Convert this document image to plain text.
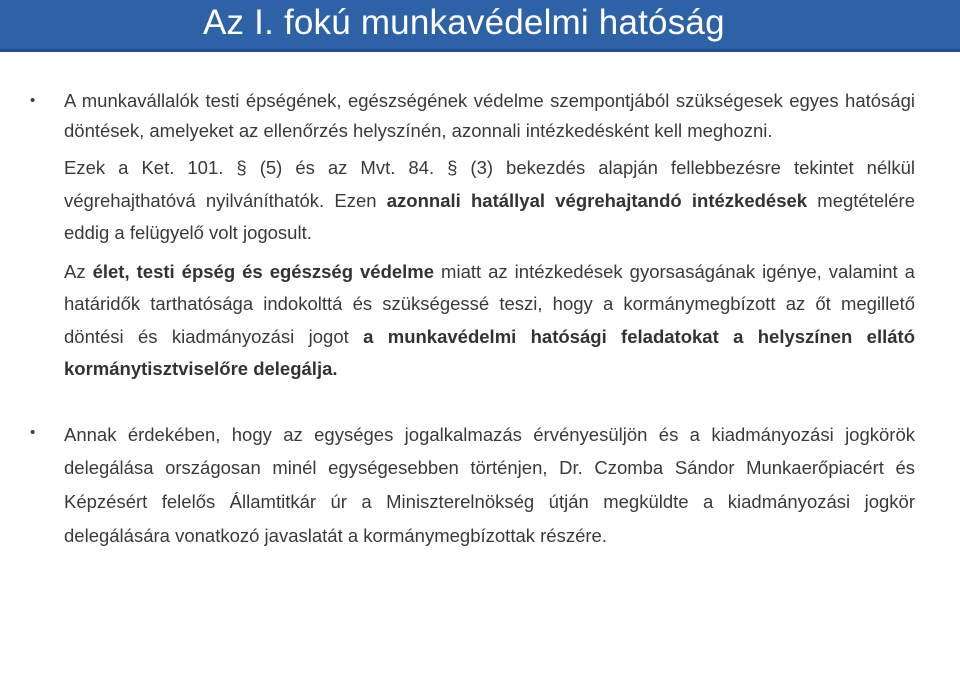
Az I. fokú munkavédelmi hatóság
• A munkavállalók testi épségének, egészségének védelme szempontjából szükségesek egyes hatósági döntések, amelyeket az ellenőrzés helyszínén, azonnali intézkedésként kell meghozni.

Ezek a Ket. 101. § (5) és az Mvt. 84. § (3) bekezdés alapján fellebbezésre tekintet nélkül végrehajthatóvá nyilváníthatók. Ezen azonnali hatállyal végrehajtandó intézkedések megtételére eddig a felügyelő volt jogosult.

Az élet, testi épség és egészség védelme miatt az intézkedések gyorsaságának igénye, valamint a határidők tarthatósága indokolttá és szükségessé teszi, hogy a kormánymegbízott az őt megillető döntési és kiadmányozási jogot a munkavédelmi hatósági feladatokat a helyszínen ellátó kormánytisztviselőre delegálja.

• Annak érdekében, hogy az egységes jogalkalmazás érvényesüljön és a kiadmányozási jogkörök delegálása országosan minél egységesebben történjen, Dr. Czomba Sándor Munkaerőpiacért és Képzésért felelős Államtitkár úr a Miniszterelnökség útján megküldte a kiadmányozási jogkör delegálására vonatkozó javaslatát a kormánymegbízottak részére.
